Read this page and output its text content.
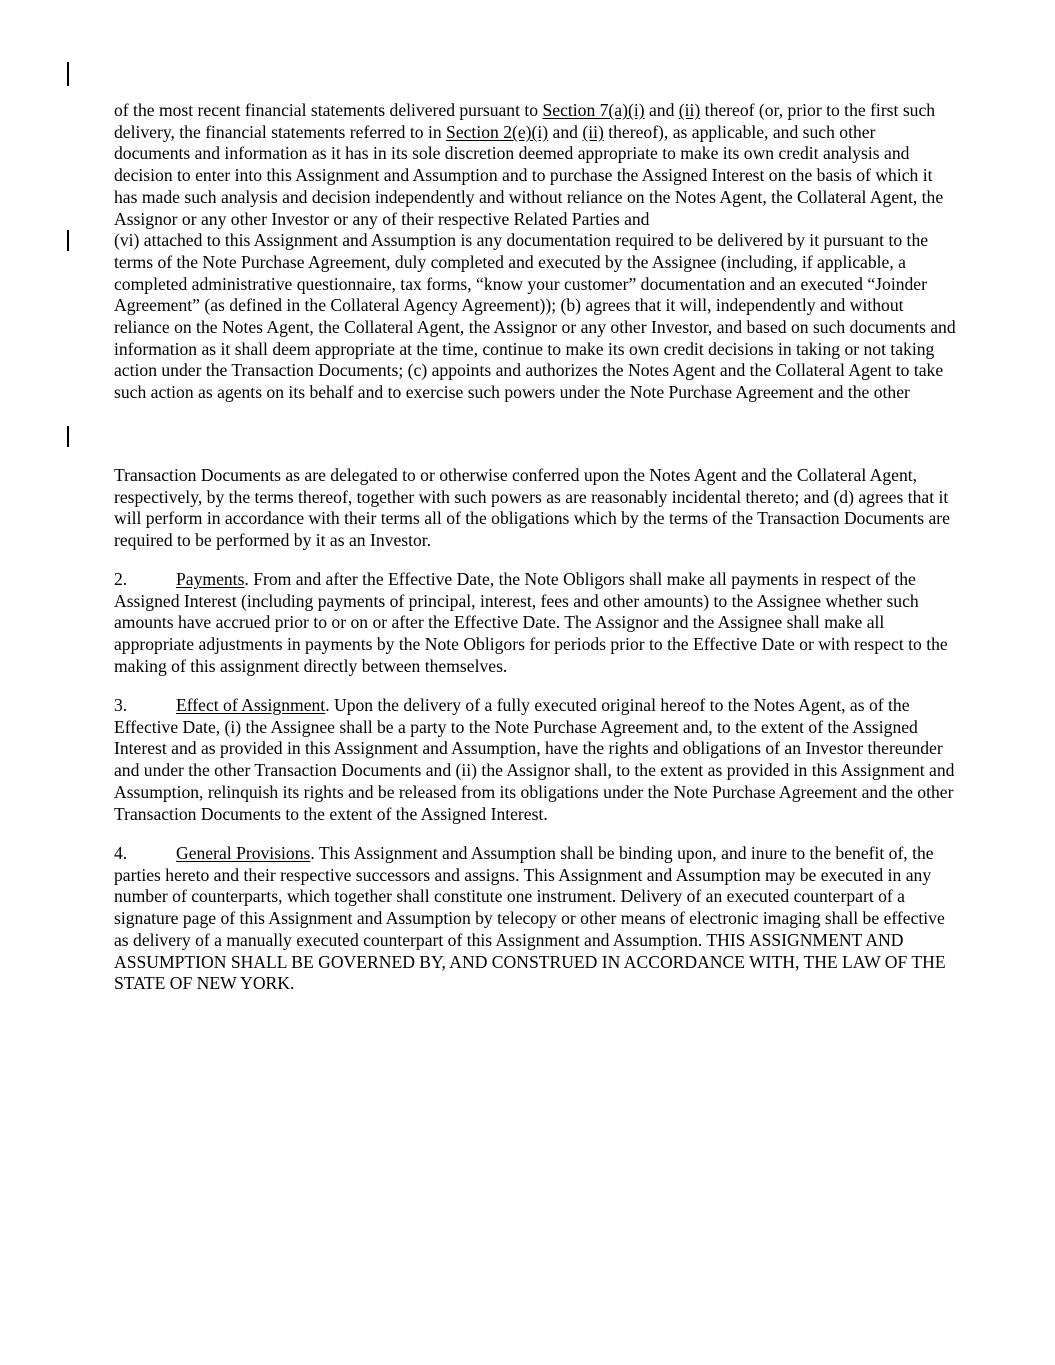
of the most recent financial statements delivered pursuant to Section 7(a)(i) and (ii) thereof (or, prior to the first such delivery, the financial statements referred to in Section 2(e)(i) and (ii) thereof), as applicable, and such other documents and information as it has in its sole discretion deemed appropriate to make its own credit analysis and decision to enter into this Assignment and Assumption and to purchase the Assigned Interest on the basis of which it has made such analysis and decision independently and without reliance on the Notes Agent, the Collateral Agent, the Assignor or any other Investor or any of their respective Related Parties and

(vi) attached to this Assignment and Assumption is any documentation required to be delivered by it pursuant to the terms of the Note Purchase Agreement, duly completed and executed by the Assignee (including, if applicable, a completed administrative questionnaire, tax forms, “know your customer” documentation and an executed “Joinder Agreement” (as defined in the Collateral Agency Agreement)); (b) agrees that it will, independently and without reliance on the Notes Agent, the Collateral Agent, the Assignor or any other Investor, and based on such documents and information as it shall deem appropriate at the time, continue to make its own credit decisions in taking or not taking action under the Transaction Documents; (c) appoints and authorizes the Notes Agent and the Collateral Agent to take such action as agents on its behalf and to exercise such powers under the Note Purchase Agreement and the other

Transaction Documents as are delegated to or otherwise conferred upon the Notes Agent and the Collateral Agent, respectively, by the terms thereof, together with such powers as are reasonably incidental thereto; and (d) agrees that it will perform in accordance with their terms all of the obligations which by the terms of the Transaction Documents are required to be performed by it as an Investor.

2.	Payments. From and after the Effective Date, the Note Obligors shall make all payments in respect of the Assigned Interest (including payments of principal, interest, fees and other amounts) to the Assignee whether such amounts have accrued prior to or on or after the Effective Date. The Assignor and the Assignee shall make all appropriate adjustments in payments by the Note Obligors for periods prior to the Effective Date or with respect to the making of this assignment directly between themselves.

3.	Effect of Assignment. Upon the delivery of a fully executed original hereof to the Notes Agent, as of the Effective Date, (i) the Assignee shall be a party to the Note Purchase Agreement and, to the extent of the Assigned Interest and as provided in this Assignment and Assumption, have the rights and obligations of an Investor thereunder and under the other Transaction Documents and (ii) the Assignor shall, to the extent as provided in this Assignment and Assumption, relinquish its rights and be released from its obligations under the Note Purchase Agreement and the other Transaction Documents to the extent of the Assigned Interest.

4.	General Provisions. This Assignment and Assumption shall be binding upon, and inure to the benefit of, the parties hereto and their respective successors and assigns. This Assignment and Assumption may be executed in any number of counterparts, which together shall constitute one instrument. Delivery of an executed counterpart of a signature page of this Assignment and Assumption by telecopy or other means of electronic imaging shall be effective as delivery of a manually executed counterpart of this Assignment and Assumption. THIS ASSIGNMENT AND ASSUMPTION SHALL BE GOVERNED BY, AND CONSTRUED IN ACCORDANCE WITH, THE LAW OF THE STATE OF NEW YORK.
